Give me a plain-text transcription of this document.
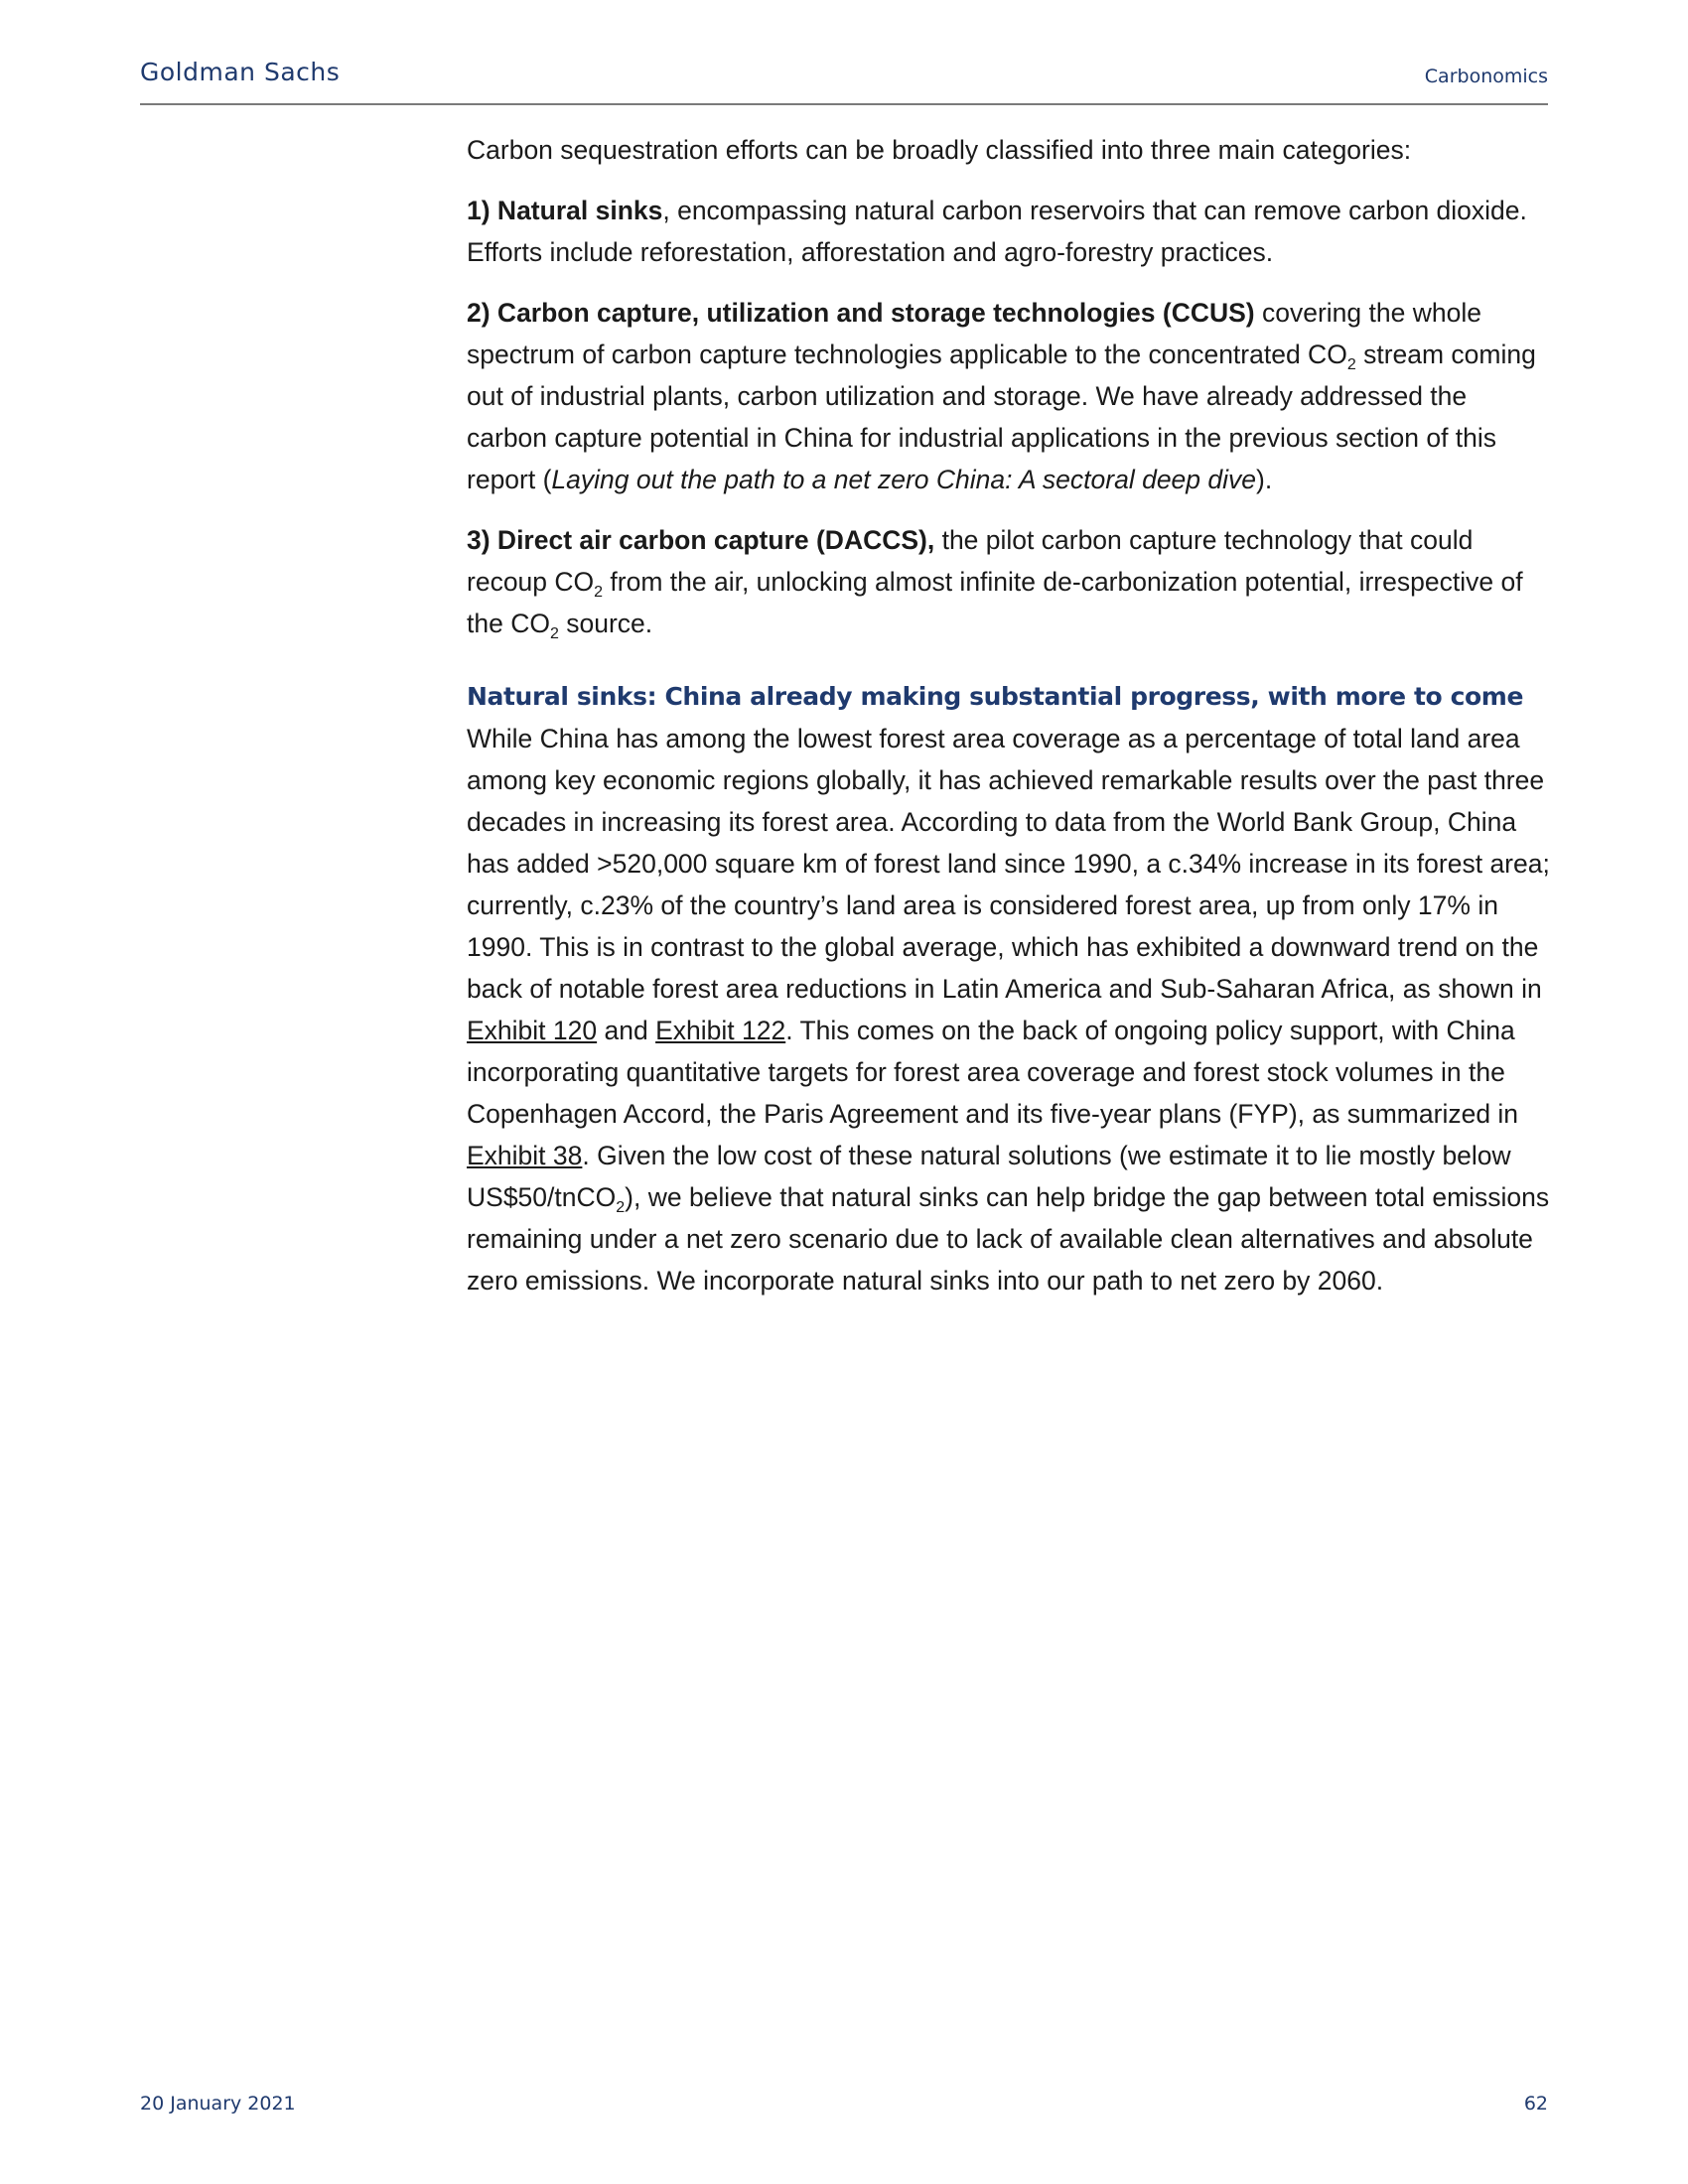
Goldman Sachs	Carbonomics

Carbon sequestration efforts can be broadly classified into three main categories:

1) Natural sinks, encompassing natural carbon reservoirs that can remove carbon dioxide. Efforts include reforestation, afforestation and agro-forestry practices.

2) Carbon capture, utilization and storage technologies (CCUS) covering the whole spectrum of carbon capture technologies applicable to the concentrated $CO_2$ stream coming out of industrial plants, carbon utilization and storage. We have already addressed the carbon capture potential in China for industrial applications in the previous section of this report (Laying out the path to a net zero China: A sectoral deep dive).

3) Direct air carbon capture (DACCS), the pilot carbon capture technology that could recoup $CO_2$ from the air, unlocking almost infinite de-carbonization potential, irrespective of the $CO_2$ source.

Natural sinks: China already making substantial progress, with more to come

While China has among the lowest forest area coverage as a percentage of total land area among key economic regions globally, it has achieved remarkable results over the past three decades in increasing its forest area. According to data from the World Bank Group, China has added >520,000 square km of forest land since 1990, a c.34% increase in its forest area; currently, c.23% of the country’s land area is considered forest area, up from only 17% in 1990. This is in contrast to the global average, which has exhibited a downward trend on the back of notable forest area reductions in Latin America and Sub-Saharan Africa, as shown in Exhibit 120 and Exhibit 122. This comes on the back of ongoing policy support, with China incorporating quantitative targets for forest area coverage and forest stock volumes in the Copenhagen Accord, the Paris Agreement and its five-year plans (FYP), as summarized in Exhibit 38. Given the low cost of these natural solutions (we estimate it to lie mostly below US$50/tnCO$_2$), we believe that natural sinks can help bridge the gap between total emissions remaining under a net zero scenario due to lack of available clean alternatives and absolute zero emissions. We incorporate natural sinks into our path to net zero by 2060.

20 January 2021	62
